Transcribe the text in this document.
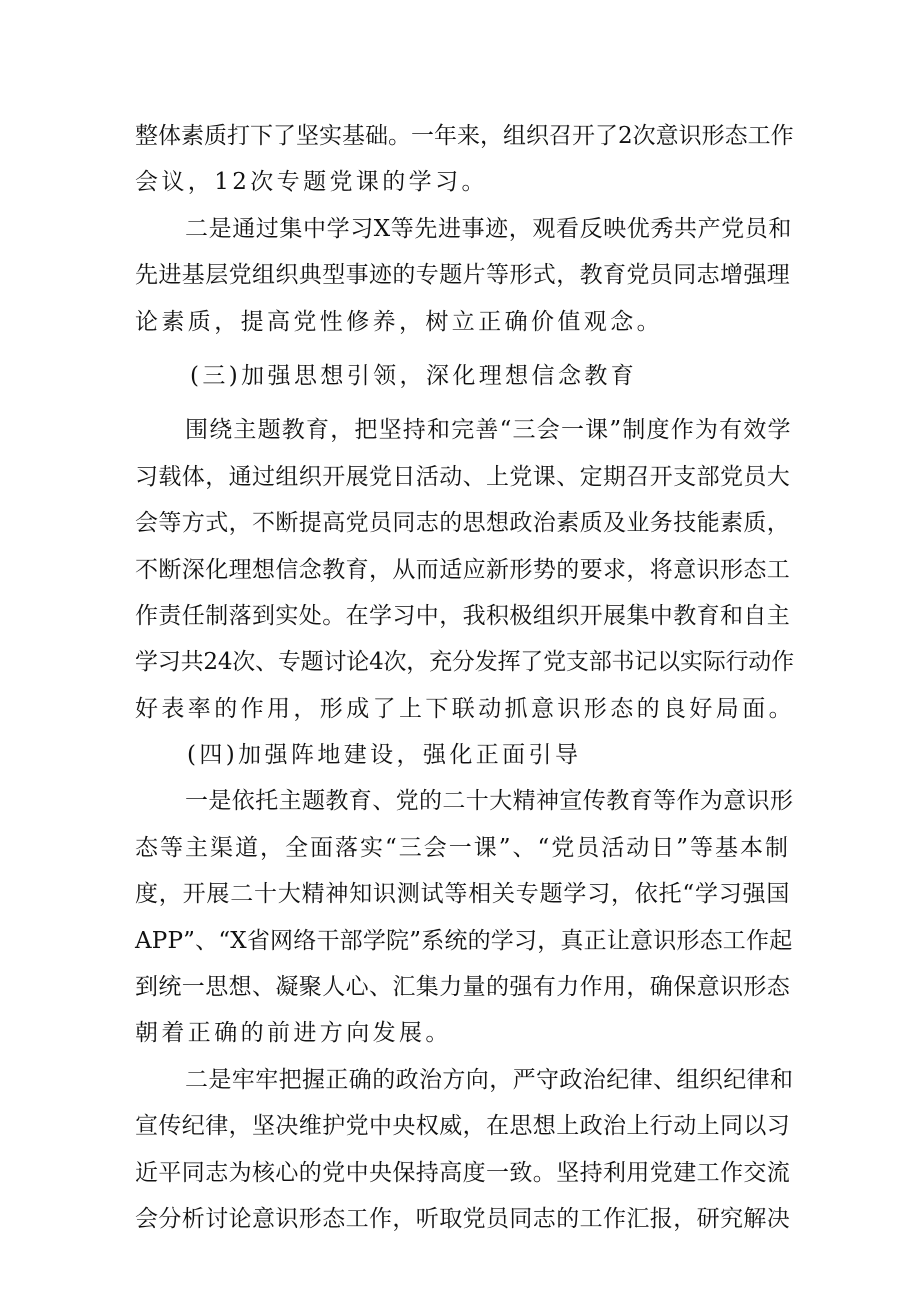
整体素质打下了坚实基础。一年来，组织召开了2次意识形态工作
会议，12次专题党课的学习。
二是通过集中学习X等先进事迹，观看反映优秀共产党员和
先进基层党组织典型事迹的专题片等形式，教育党员同志增强理
论素质，提高党性修养，树立正确价值观念。
(三)加强思想引领，深化理想信念教育
围绕主题教育，把坚持和完善“三会一课”制度作为有效学
习载体，通过组织开展党日活动、上党课、定期召开支部党员大
会等方式，不断提高党员同志的思想政治素质及业务技能素质，
不断深化理想信念教育，从而适应新形势的要求，将意识形态工
作责任制落到实处。在学习中，我积极组织开展集中教育和自主
学习共24次、专题讨论4次，充分发挥了党支部书记以实际行动作
好表率的作用，形成了上下联动抓意识形态的良好局面。
(四)加强阵地建设，强化正面引导
一是依托主题教育、党的二十大精神宣传教育等作为意识形
态等主渠道，全面落实“三会一课”、“党员活动日”等基本制
度，开展二十大精神知识测试等相关专题学习，依托“学习强国
APP”、“X省网络干部学院”系统的学习，真正让意识形态工作起
到统一思想、凝聚人心、汇集力量的强有力作用，确保意识形态
朝着正确的前进方向发展。
二是牢牢把握正确的政治方向，严守政治纪律、组织纪律和
宣传纪律，坚决维护党中央权威，在思想上政治上行动上同以习
近平同志为核心的党中央保持高度一致。坚持利用党建工作交流
会分析讨论意识形态工作，听取党员同志的工作汇报，研究解决
